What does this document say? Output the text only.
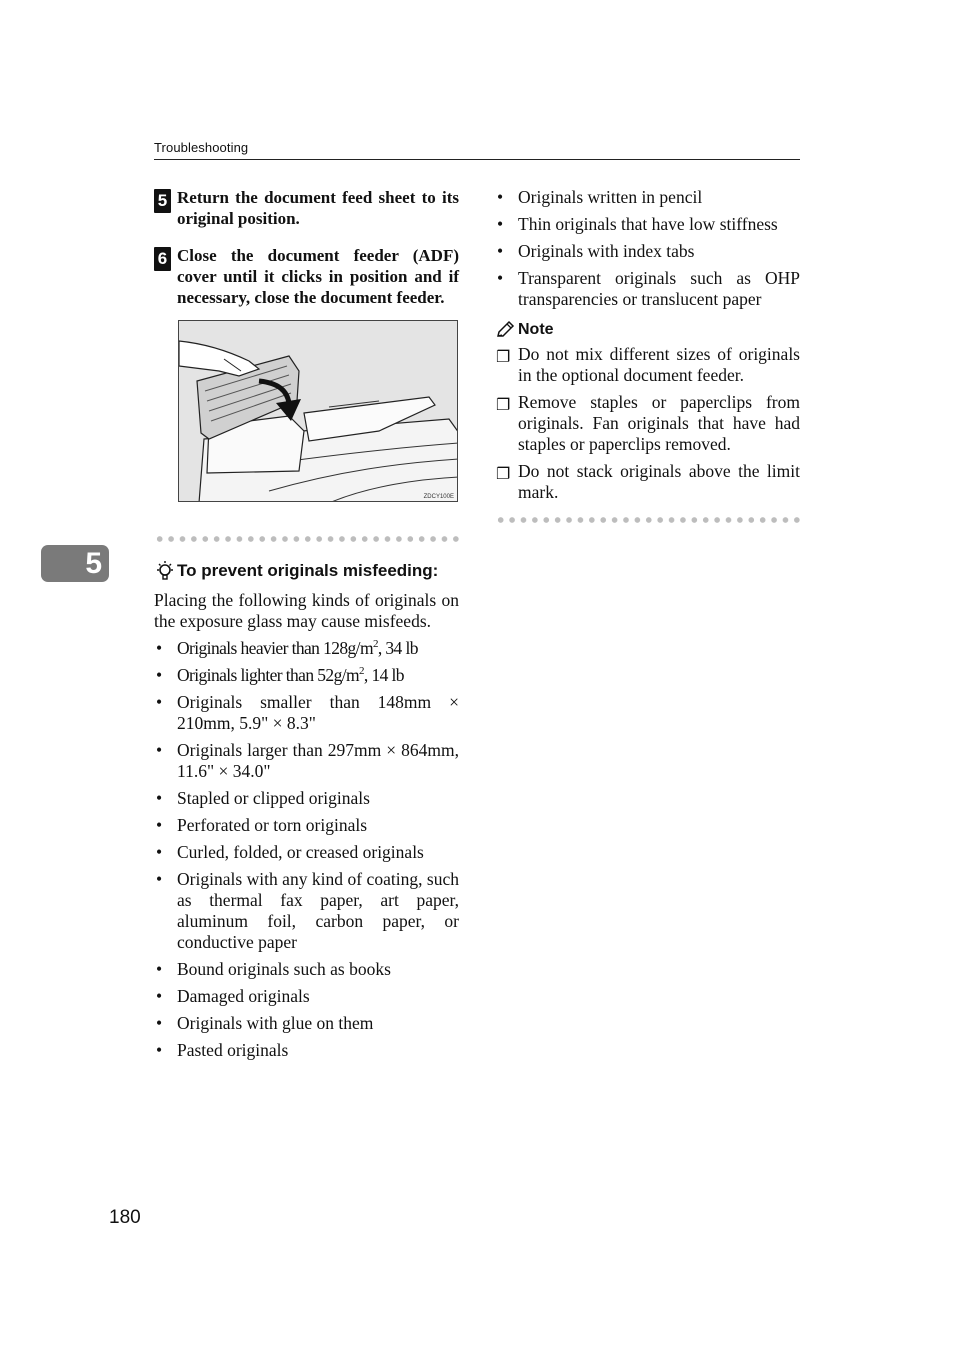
Troubleshooting
5 Return the document feed sheet to its original position.
6 Close the document feeder (ADF) cover until it clicks in position and if necessary, close the document feeder.
ZDCY100E
To prevent originals misfeeding:
Placing the following kinds of originals on the exposure glass may cause misfeeds.
• Originals heavier than $128g/m^2$, 34 lb
• Originals lighter than $52g/m^2$, 14 lb
• Originals smaller than 148mm × 210mm, 5.9" × 8.3"
• Originals larger than 297mm × 864mm, 11.6" × 34.0"
• Stapled or clipped originals
• Perforated or torn originals
• Curled, folded, or creased originals
• Originals with any kind of coating, such as thermal fax paper, art paper, aluminum foil, carbon paper, or conductive paper
• Bound originals such as books
• Damaged originals
• Originals with glue on them
• Pasted originals
• Originals written in pencil
• Thin originals that have low stiffness
• Originals with index tabs
• Transparent originals such as OHP transparencies or translucent paper
Note
❐ Do not mix different sizes of originals in the optional document feeder.
❐ Remove staples or paperclips from originals. Fan originals that have had staples or paperclips removed.
❐ Do not stack originals above the limit mark.
5
180
